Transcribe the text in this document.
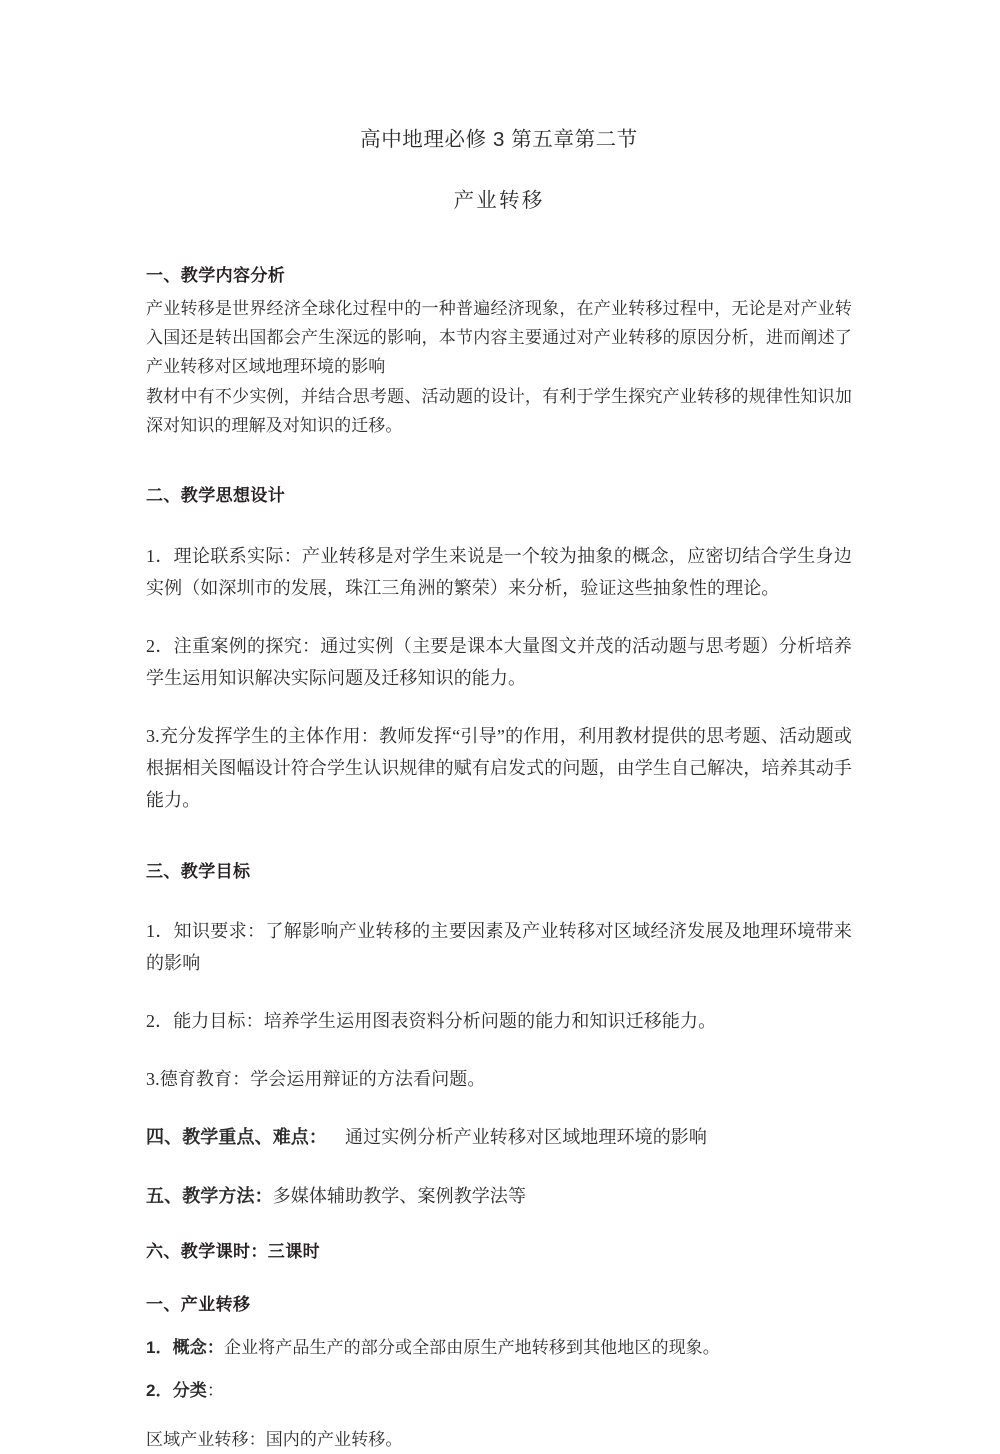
高中地理必修 3 第五章第二节
产业转移

一、教学内容分析

产业转移是世界经济全球化过程中的一种普遍经济现象，在产业转移过程中，无论是对产业转入国还是转出国都会产生深远的影响，本节内容主要通过对产业转移的原因分析，进而阐述了产业转移对区域地理环境的影响

教材中有不少实例，并结合思考题、活动题的设计，有利于学生探究产业转移的规律性知识加深对知识的理解及对知识的迁移。

二、教学思想设计

1．理论联系实际：产业转移是对学生来说是一个较为抽象的概念，应密切结合学生身边实例（如深圳市的发展，珠江三角洲的繁荣）来分析，验证这些抽象性的理论。

2．注重案例的探究：通过实例（主要是课本大量图文并茂的活动题与思考题）分析培养学生运用知识解决实际问题及迁移知识的能力。

3.充分发挥学生的主体作用：教师发挥“引导”的作用，利用教材提供的思考题、活动题或根据相关图幅设计符合学生认识规律的赋有启发式的问题，由学生自己解决，培养其动手能力。

三、教学目标

1．知识要求：了解影响产业转移的主要因素及产业转移对区域经济发展及地理环境带来的影响

2．能力目标：培养学生运用图表资料分析问题的能力和知识迁移能力。

3.德育教育：学会运用辩证的方法看问题。

四、教学重点、难点： 通过实例分析产业转移对区域地理环境的影响

五、教学方法：多媒体辅助教学、案例教学法等

六、教学课时：三课时

一、产业转移

1．概念：企业将产品生产的部分或全部由原生产地转移到其他地区的现象。

2．分类：

区域产业转移：国内的产业转移。
